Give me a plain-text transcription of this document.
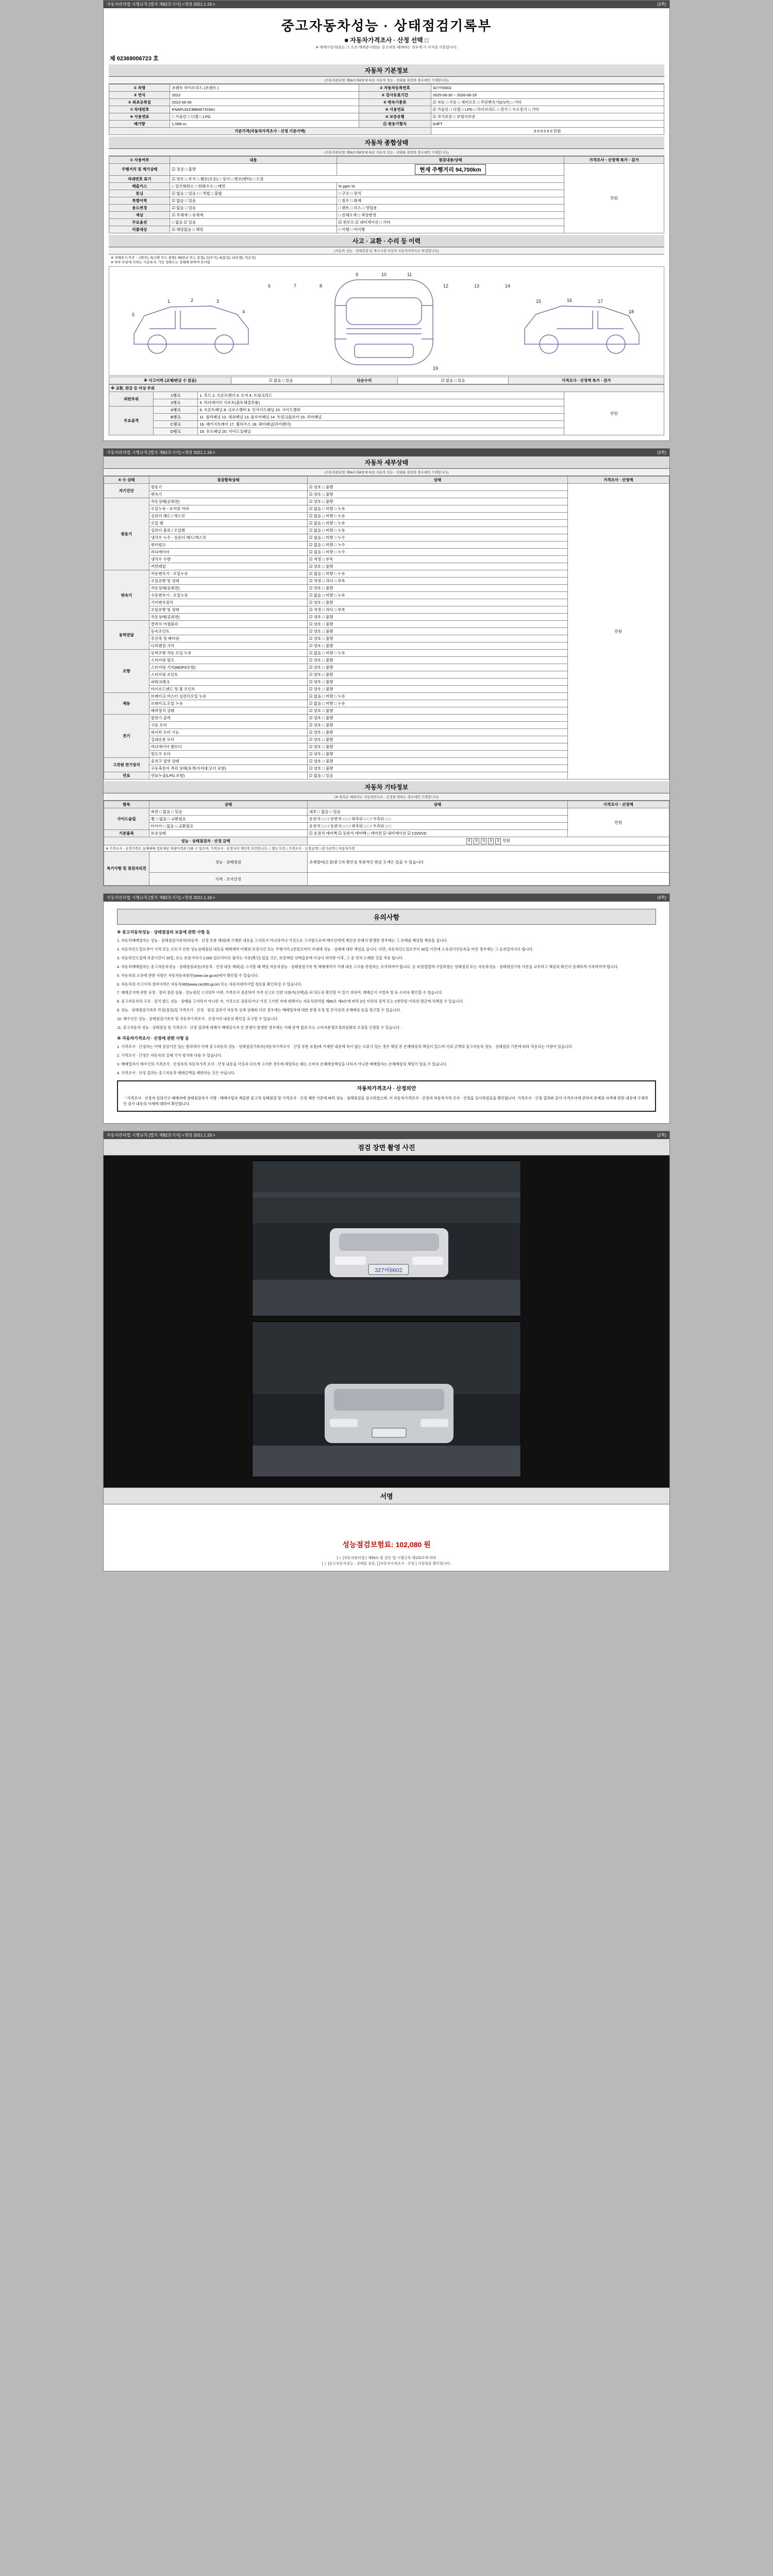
자동차관리법 시행규칙 [별지 제82호서식] <개정 2021.1.19.>	(3쪽)
중고자동차성능 · 상태점검기록부
■ 자동차가격조사 · 산정 선택 □
※ 매매사업자(또는 그 소속 매매종사원)는 중고차를 매매하는 경우에 이 서식을 사용합니다.
제 02369006723 호
자동차 기본정보
(자동차관리법 제58조제4항에 따른 자동차 성능 · 상태를 점검한 경우에만 기재합니다)
① 차명	쏘렌토 하이브리드 (쏘렌토 )	② 자동차등록번호	327머6602
③ 연식	2022	④ 검사유효기간	2025-06-30 ~ 2026-06-29
⑤ 최초등록일	2022-06-30	⑥ 변속기종류	☑ 자동 □ 수동 □ 세미오토 □ 무단변속기(CVT) □ 기타
⑦ 차대번호	KNAPL81CB8MA731941	⑧ 사용연료	☑ 가솔린 □ 디젤 □ LPG □ 하이브리드 □ 전기 □ 수소전기 □ 기타
⑨ 사용연료	□ 가솔린 □ 디젤 □ LPG	⑩ 보증유형	☑ 자기보증 □ 보험사보증
배기량	1,598 cc	⑪ 원동기형식	G4FT
기준가격(자동차가격조사ㆍ산정 기준가액)			0 0 0 0 0 0 만원
자동차 종합상태
(자동차관리법 제58조제4항에 따른 자동차 성능 · 상태를 점검한 경우에만 기재합니다)
① 사용여부	내용	점검내용/상태	가격조사ㆍ산정액 특가ㆍ감가
주행거리 및 계기상태	☑ 정상 □ 불량	현재 주행거리 94,700km	만원
차대번호 표기	☑ 양호 □ 부식 □ 훼손(오손) □ 상이 □ 변조(변타) □ 도말		
배출가스	□ 일산화탄소 □ 탄화수소 □ 매연	% ppm %	
튜닝	☑ 없음 □ 있음 / □ 적법 □ 불법	□ 구조 □ 장치	
특별이력	☑ 없음 □ 있음	□ 침수 □ 화재	
용도변경	☑ 없음 □ 있음	□ 렌트 □ 리스 □ 영업용	
색상	☑ 무채색 □ 유채색	□ 전체도색 □ 색상변경	
주요옵션	□ 없음 ☑ 있음	☑ 썬루프 ☑ 내비게이션 □ 기타	
리콜대상	☑ 해당없음 □ 해당	□ 이행 □ 미이행	
사고 · 교환 · 수리 등 이력
(자동차 성능 · 상태점검 및 제시시점 이전의 자동차이력으로 한정합니다)
※ 상태표시 부호 : ○(양호), X(교환 또는 불량), W(판금 또는 용접), C(부식), A(흠집), U(요철), T(손상)
※ 하부 부분에 속하는 기준표시, 가능 정확도는 상태에 한하며 표시함
1	2	3
4
5
6	7	8
9	10	11
12	13	14
15	16	17
18
19
※ 사고이력 (교체/판금 수 있음)	☑ 없음 □ 있음	단순수리	☑ 없음 □ 있음	가격조사 · 산정액 특가ㆍ감가
※ 교환, 판금 등 이상 부위			
외판부위	1랭크	1. 후드 2. 프론트팬더 3. 도어 4. 트렁크리드	만원
	2랭크	5. 라디에이터 서포트(볼트체결부품)	
주요골격	A랭크	6. 프론트패널 8. 크로스멤버 9. 인사이드패널 10. 사이드멤버	
	B랭크	11. 필러패널 12. 대쉬패널 13. 플로어패널 14. 트렁크플로어 15. 리어패널	
	C랭크	16. 패키지트레이 17. 휠하우스 18. 쿼터패널(리어펜더)	
	D랭크	19. 루프패널 20. 사이드실패널	
자동차관리법 시행규칙 [별지 제82호서식] <개정 2021.1.19.>	(3쪽)
자동차 세부상태
(자동차관리법 제58조제4항에 따른 자동차 성능 · 상태를 점검한 경우에만 기재합니다)
④ 수 상태	점검항목상태	상태	가격조사 · 산정액
자기진단	원동기	☑ 양호 □ 불량	만원
	변속기	☑ 양호 □ 불량	
원동기	작동상태(공회전)	☑ 양호 □ 불량	
	오일누유 - 로커암 커버	☑ 없음 □ 미량 □ 누유	
	실린더 헤드 / 개스킷	☑ 없음 □ 미량 □ 누유	
	오일 팬	☑ 없음 □ 미량 □ 누유	
	실린더 블록 / 오일팬	☑ 없음 □ 미량 □ 누유	
	냉각수 누수 - 실린더 헤드/개스킷	☑ 없음 □ 미량 □ 누수	
	워터펌프	☑ 없음 □ 미량 □ 누수	
	라디에이터	☑ 없음 □ 미량 □ 누수	
	냉각수 수량	☑ 적정 □ 부족	
	커먼레일	☑ 양호 □ 불량	
변속기	자동변속기 - 오일누유	☑ 없음 □ 미량 □ 누유	
	오일유량 및 상태	☑ 적정 □ 과다 □ 부족	
	작동상태(공회전)	☑ 양호 □ 불량	
	수동변속기 - 오일누유	☑ 없음 □ 미량 □ 누유	
	기어변속장치	☑ 양호 □ 불량	
	오일유량 및 상태	☑ 적정 □ 과다 □ 부족	
	작동상태(공회전)	☑ 양호 □ 불량	
동력전달	클러치 어셈블리	☑ 양호 □ 불량	
	등속조인트	☑ 양호 □ 불량	
	추진축 및 베어링	☑ 양호 □ 불량	
	디퍼렌셜 기어	☑ 양호 □ 불량	
조향	동력조향 작동 오일 누유	☑ 없음 □ 미량 □ 누유	
	스티어링 펌프	☑ 양호 □ 불량	
	스티어링 기어(MDPS포함)	☑ 양호 □ 불량	
	스티어링 조인트	☑ 양호 □ 불량	
	파워크랭크	☑ 양호 □ 불량	
	타이로드엔드 및 볼 조인트	☑ 양호 □ 불량	
제동	브레이크 마스터 실린더오일 누유	☑ 없음 □ 미량 □ 누유	
	브레이크 오일 누유	☑ 없음 □ 미량 □ 누유	
	배력장치 상태	☑ 양호 □ 불량	
전기	발전기 출력	☑ 양호 □ 불량	
	시동 모터	☑ 양호 □ 불량	
	와이퍼 모터 기능	☑ 양호 □ 불량	
	실내송풍 모터	☑ 양호 □ 불량	
	라디에이터 팬모터	☑ 양호 □ 불량	
	윈도우 모터	☑ 양호 □ 불량	
고전원 전기장치	충전구 절연 상태	☑ 양호 □ 불량	
	구동축전지 격리 상태(유격/지지대,모터 포함)	☑ 양호 □ 불량	
연료	연료누출(LPG 포함)	☑ 없음 □ 있음	
자동차 기타정보
(※ 항목은 해당되는 자동차만으로 · 산정을 원하는 경우에만 기재합니다)
항목	상태	상태	가격조사ㆍ산정액
사이드슬립	외관 □ 없음 □ 있음	내부 □ 없음 □ 있음	만원
	휠 □ 없음 □ 교환필요	운전석 □ □ / 동반석 □ □ / 좌측뒤 □ □ / 우측뒤 □ □	
	타이어 □ 없음 □ 교환필요	운전석 □ □ / 동반석 □ □ / 좌측뒤 □ □ / 우측뒤 □ □	
기본품목	보유상태	☑ 운전석 에어백 ☑ 동반석 에어백 □ 에어컨 ☑ 내비게이션 ☑ CD/DVD	
성능 · 상태점검자 · 산정 금액		0 0 0 0 0 만원	
※ 가격조사 · 산정가격은 실제매매 정보제공 차량가격과 다를 수 있으며, 가격조사 · 산정자의 개인적 의견입니다. □ 별도가격 □ 가격조사ㆍ산정금액 □ 감가금액 □ 자동차가격			
특기사항 및 점검자의견	성능 · 상태점검	조해장비(도장/중고차 확인상 부분적인 판금 도색은 있을 수 있습니다.	
	가격 · 조사산정		
자동차관리법 시행규칙 [별지 제82호서식] <개정 2021.1.19.>	(3쪽)
유의사항

※ 중고자동차성능 · 상태점검의 보증에 관한 사항 등

1. 자동차매매업자는 성능 · 상태점검기록부(자동차 · 산정 부분 제외)에 기재한 내용을 고지하지 아니하거나 거짓으로 고지함으로써 매수인에게 재산상 손해가 발생한 경우에는 그 손해를 배상할 책임을 집니다.

2. 자동차인도일로부터 가격 또는 오토가 인한 성능상태점검 내용을 매매계약 이행의 보장기간 또는 주행거리 2천킬로미터 이내에 성능 · 상태에 대한 책임을 집니다. 다만, 자동차인도일로부터 30일 이전에 소유권이전등록을 마친 경우에는 그 등록일까지로 합니다.

3. 자동차인도일에 보증기간이 20일, 또는 보증거리가 2,000 킬로미터로 불리는 사유(확인) 있을 것은, 보증책임 선택을문에 이상이 허약한 이후, 그 중 먼저 도래한 것을 적용 됩니다.

4. 자동차매매업자는 중고자동차성능 · 상태점검내용(자동차 · 산정 내용 제외)을 고지할 때 책임 자동차성능 · 상태점검기록 및 매매계약서 기재 내용 고지를 증빙하는 조치하여야 합니다. 등 보험업법에 가입하였는 상태점검 또는 자동차성능 · 상태점검기록 사본을 교부하고 책임의 확인이 상세하게 기록하여야 합니다.

5. 자동차의 소유에 관한 사항은 자동차등록원부(www.car.go.kr)에서 확인할 수 있습니다.

6. 자동차의 사고이력·정비이력은 자동차365(www.car365.go.kr) 또는 자동차대여사업 정보를 확인하실 수 있습니다.

7. 매매금지에 관한 규정 · 정비 점검 상품 · 성능점검 고지의무 이력, 가격조사 검증하여 가격 신고로 인한 다툼까(선택)을 피 하도록 확인할 수 있기 위하여, 매매금지 사업자 및 등 소비자 확인할 수 있습니다.

8. 중고자동차의 구조 · 장치 별도 성능 · 상태를 고지하지 아니한 자, 거짓으로 검증하거나 거짓 고지한 자에 대해서는 자동차관리법 제80조 제4호에 따라 2년 이하의 징역 또는 2천만원 이하의 벌금에 처해질 수 있습니다.

9. 성능 · 상태점검기록부 작성(점검)일 가격조사 · 산정 · 점검 결과가 자동차 실제 상태와 다른 경우에는 매매업자에 대한 분쟁 조정 및 민사상의 손해배상 등을 청구할 수 있습니다.

10. 매수인은 성능 · 상태점검기록부 및 자동차가격조사 · 산정서의 내용의 확인을 요구할 수 있습니다.

11. 중고자동차 성능 · 상태점검 및 가격조사 · 산정 결과에 대해서 매매당사자 간 분쟁이 발생한 경우에는 거래 관계 협의 또는 소비자분쟁조정위원회의 조정을 신청할 수 있습니다.

※ 자동차가격조사 · 산정에 관한 사항 등

1. 가격조사 · 산정자는 이에 상당기간 있는 범위에서 이에 중고자동차 성능 · 상태점검기록부(자동차가격조사 · 산정 부분 포함)에 기재한 내용에 차이 없는 오류가 있는 경우 해당 본 손해배상의 책임이 있으며 이의 금액의 중고자동차 성능 · 상태점검 기준에 따라 적용되는 사항이 있습니다.

2. 가격조사 · 산정은 자동차의 실제 가치 평가와 다를 수 있습니다.

3. 매매업자가 매수인의 가격조사 · 산정자의 자동차가격 조사 · 산정 내용을 사실과 다르게 고지한 경우에 해당하는 때는 소비자 손해배상책임을 다하지 아니한 매매업자는 손해배상의 책임이 있을 수 있습니다.

4. 가격조사 · 산정 결과는 중고자동차 매매금액을 제한하는 것은 아닙니다.

자동차가격조사 · 산정의안
「가격조사 · 산정자 심의기구 매매자에 상태점검자가 서명 · 매매사업자 제공한 중고차 상태점검 및 가격조사 · 산정 제반 기준에 따라 성능 · 상태점검을 실시하였으며, 이 자동차가격조사 · 산정자 자동차가격 조사 · 산정을 실시하였음을 확인합니다. 가격조사 · 산정 결과와 같이 가격조사에 관하여 본제의 자격에 관한 내용에 구체적인 검사 내용의 사례에 대하여 확인합니다.
자동차관리법 시행규칙 [별지 제82호서식] <개정 2021.1.19.>	(2쪽)
점검 장면 촬영 사진
327머6602
서명
성능점검보험료: 102,080 원
[ ✓ ]자동차관리법 ( 제58조 및 같은 법 시행규칙 제120조에 따라
[ ✓ ]중고자동차성능 · 상태를 검증, [ ]자동차가격조사 · 산정 } 사항임을 확인합니다.
